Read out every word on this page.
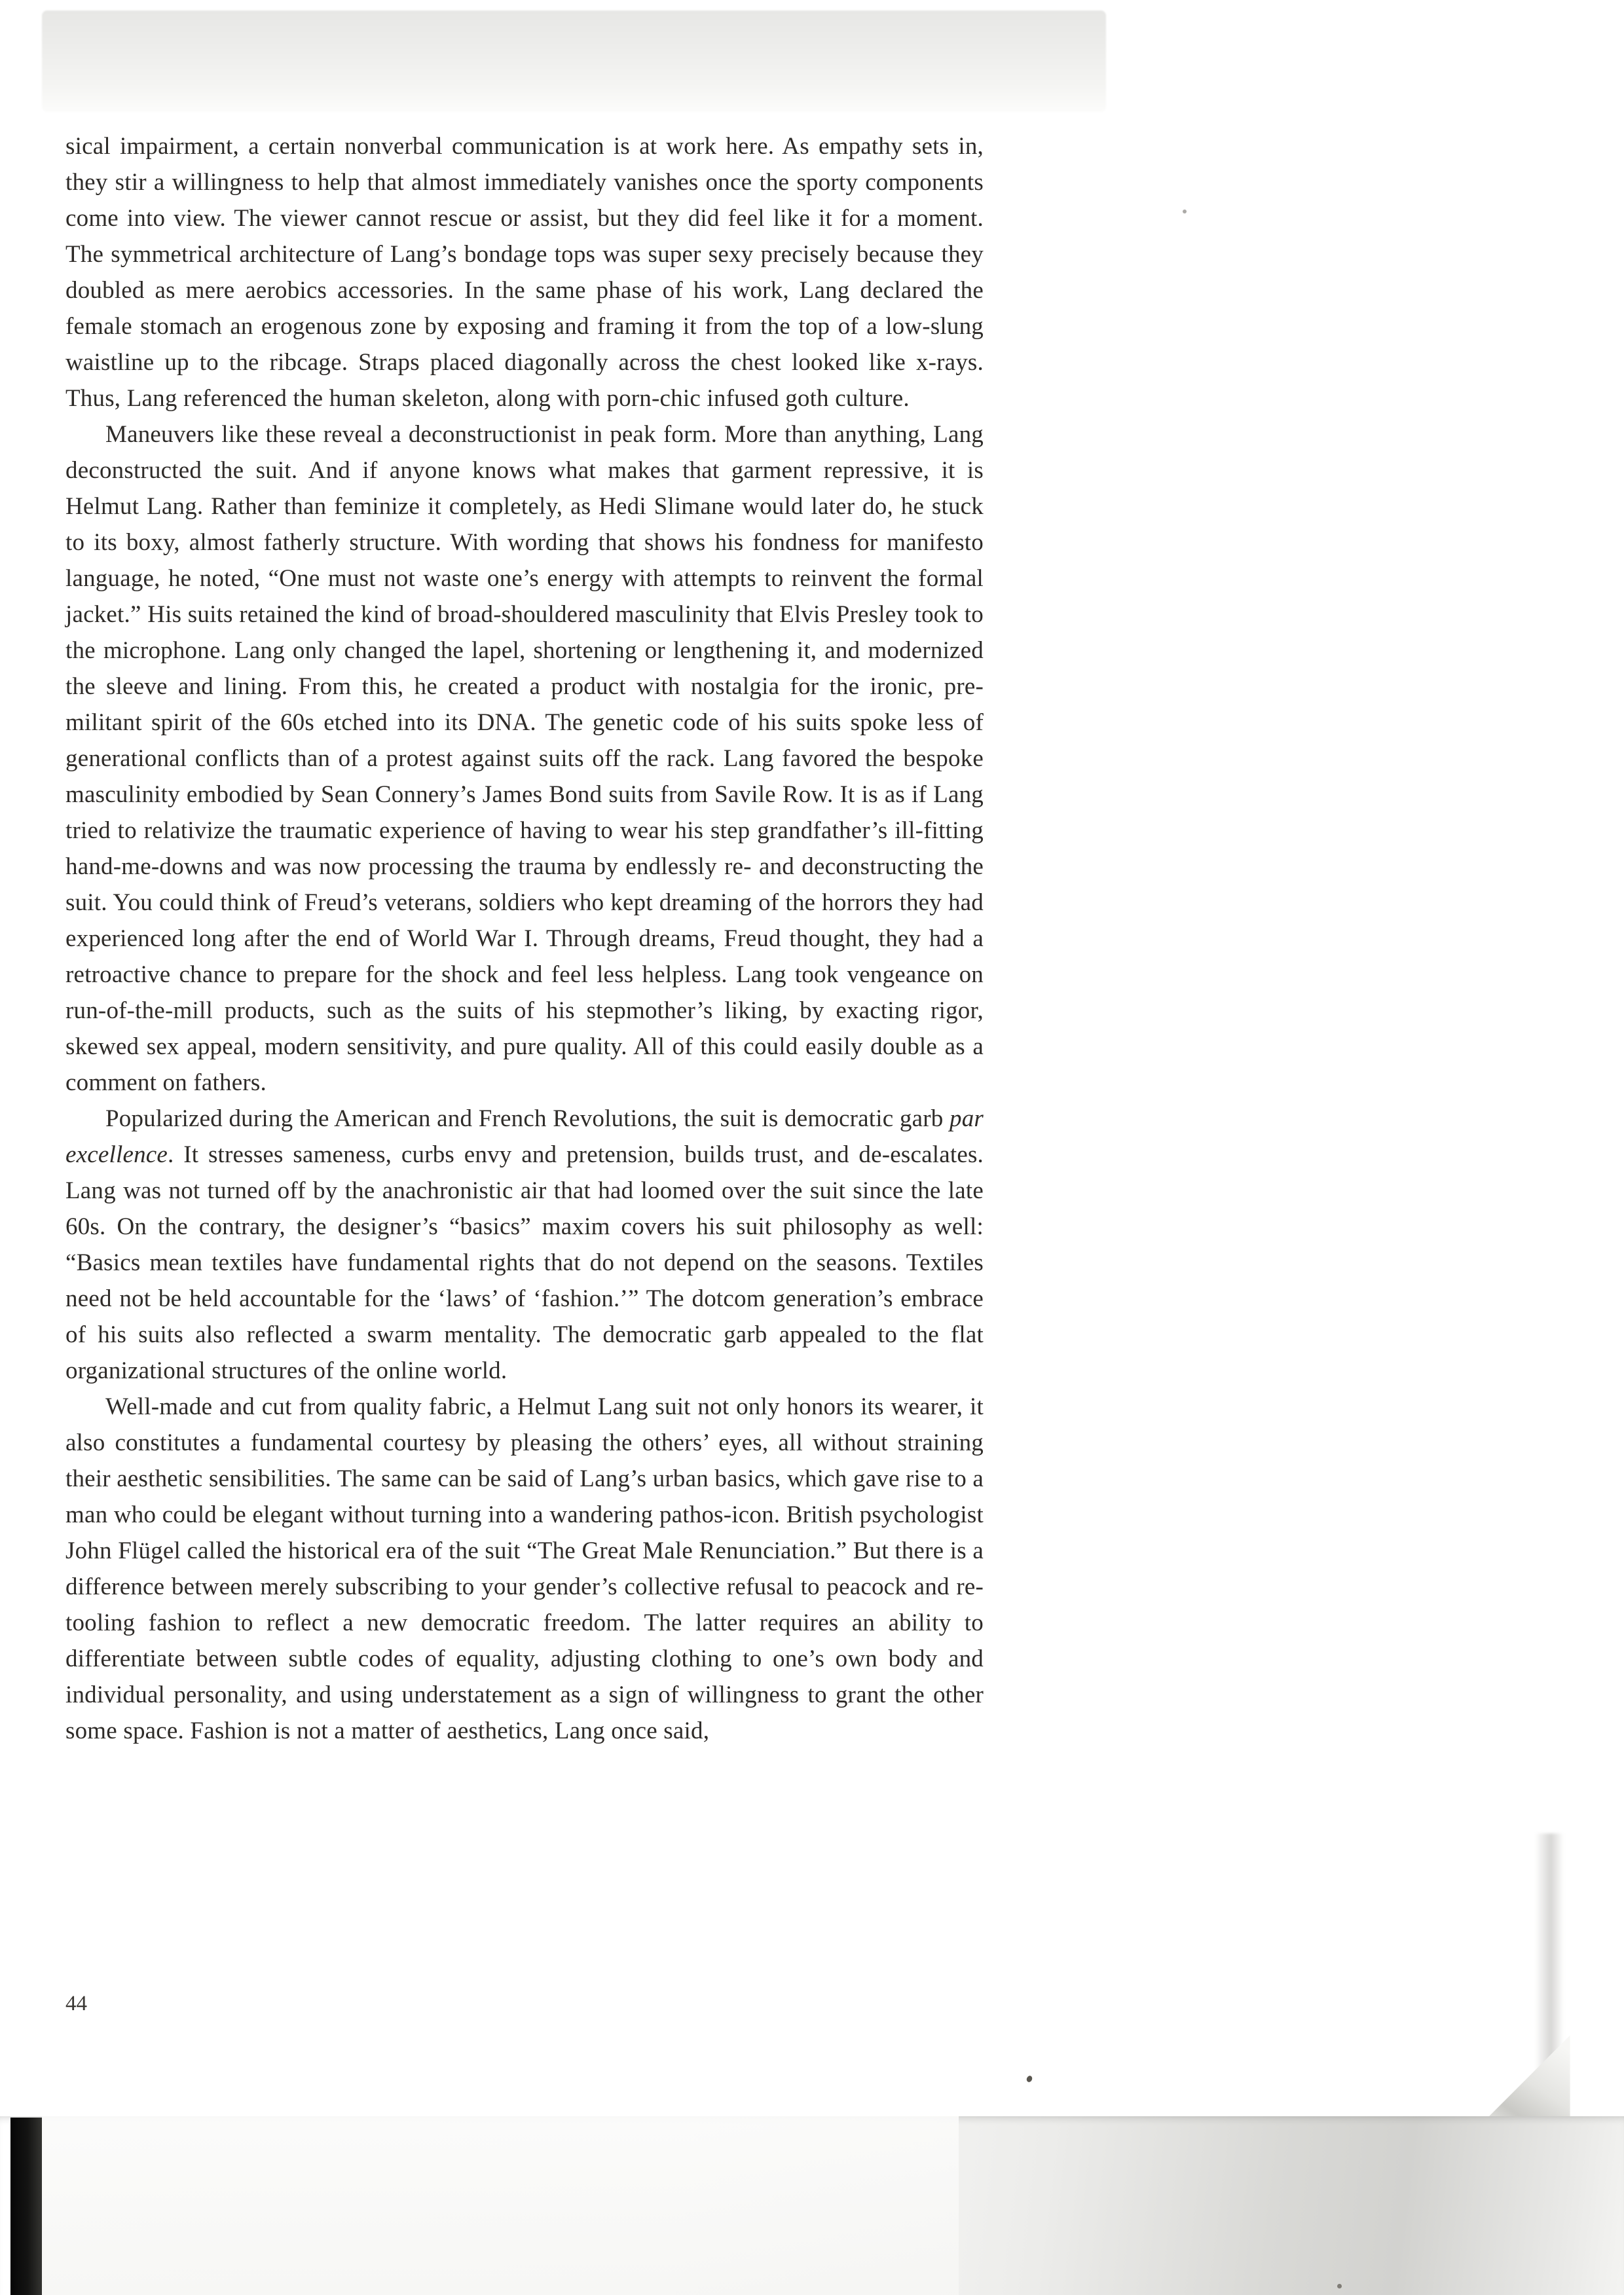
sical impairment, a certain nonverbal communication is at work here. As empathy sets in, they stir a willingness to help that almost immediately vanishes once the sporty components come into view. The viewer cannot rescue or assist, but they did feel like it for a moment. The symmetrical architecture of Lang’s bondage tops was super sexy precisely because they doubled as mere aerobics accessories. In the same phase of his work, Lang declared the female stomach an erogenous zone by exposing and framing it from the top of a low-slung waistline up to the ribcage. Straps placed diagonally across the chest looked like x-rays. Thus, Lang referenced the human skeleton, along with porn-chic infused goth culture.

Maneuvers like these reveal a deconstructionist in peak form. More than anything, Lang deconstructed the suit. And if anyone knows what makes that garment repressive, it is Helmut Lang. Rather than feminize it completely, as Hedi Slimane would later do, he stuck to its boxy, almost fatherly structure. With wording that shows his fondness for manifesto language, he noted, “One must not waste one’s energy with attempts to reinvent the formal jacket.” His suits retained the kind of broad-shouldered masculinity that Elvis Presley took to the microphone. Lang only changed the lapel, shortening or lengthening it, and modernized the sleeve and lining. From this, he created a product with nostalgia for the ironic, pre-militant spirit of the 60s etched into its DNA. The genetic code of his suits spoke less of generational conflicts than of a protest against suits off the rack. Lang favored the bespoke masculinity embodied by Sean Connery’s James Bond suits from Savile Row. It is as if Lang tried to relativize the traumatic experience of having to wear his step grandfather’s ill-fitting hand-me-downs and was now processing the trauma by endlessly re- and deconstructing the suit. You could think of Freud’s veterans, soldiers who kept dreaming of the horrors they had experienced long after the end of World War I. Through dreams, Freud thought, they had a retroactive chance to prepare for the shock and feel less helpless. Lang took vengeance on run-of-the-mill products, such as the suits of his stepmother’s liking, by exacting rigor, skewed sex appeal, modern sensitivity, and pure quality. All of this could easily double as a comment on fathers.

Popularized during the American and French Revolutions, the suit is democratic garb par excellence. It stresses sameness, curbs envy and pretension, builds trust, and de-escalates. Lang was not turned off by the anachronistic air that had loomed over the suit since the late 60s. On the contrary, the designer’s “basics” maxim covers his suit philosophy as well: “Basics mean textiles have fundamental rights that do not depend on the seasons. Textiles need not be held accountable for the ‘laws’ of ‘fashion.’” The dotcom generation’s embrace of his suits also reflected a swarm mentality. The democratic garb appealed to the flat organizational structures of the online world.

Well-made and cut from quality fabric, a Helmut Lang suit not only honors its wearer, it also constitutes a fundamental courtesy by pleasing the others’ eyes, all without straining their aesthetic sensibilities. The same can be said of Lang’s urban basics, which gave rise to a man who could be elegant without turning into a wandering pathos-icon. British psychologist John Flügel called the historical era of the suit “The Great Male Renunciation.” But there is a difference between merely subscribing to your gender’s collective refusal to peacock and re-tooling fashion to reflect a new democratic freedom. The latter requires an ability to differentiate between subtle codes of equality, adjusting clothing to one’s own body and individual personality, and using understatement as a sign of willingness to grant the other some space. Fashion is not a matter of aesthetics, Lang once said,

44
